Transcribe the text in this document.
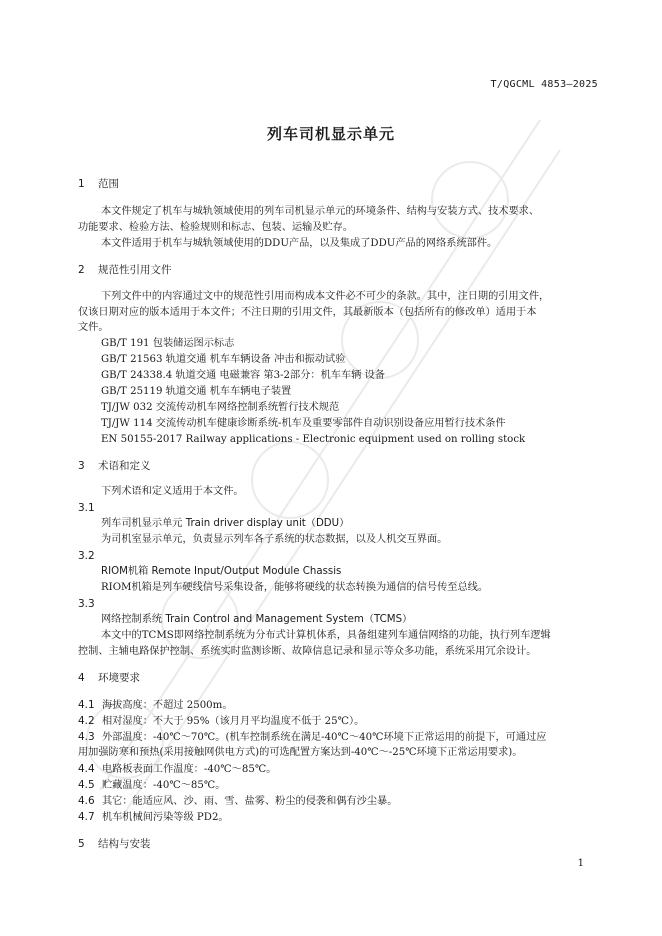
T/QGCML 4853—2025
列车司机显示单元
1 范围
本文件规定了机车与城轨领域使用的列车司机显示单元的环境条件、结构与安装方式、技术要求、
功能要求、检验方法、检验规则和标志、包装、运输及贮存。
本文件适用于机车与城轨领域使用的DDU产品，以及集成了DDU产品的网络系统部件。
2 规范性引用文件
下列文件中的内容通过文中的规范性引用而构成本文件必不可少的条款。其中，注日期的引用文件，
仅该日期对应的版本适用于本文件；不注日期的引用文件，其最新版本（包括所有的修改单）适用于本
文件。
GB/T 191 包装储运图示标志
GB/T 21563 轨道交通 机车车辆设备 冲击和振动试验
GB/T 24338.4 轨道交通 电磁兼容 第3-2部分：机车车辆 设备
GB/T 25119 轨道交通 机车车辆电子装置
TJ/JW 032 交流传动机车网络控制系统暂行技术规范
TJ/JW 114 交流传动机车健康诊断系统-机车及重要零部件自动识别设备应用暂行技术条件
EN 50155-2017 Railway applications - Electronic equipment used on rolling stock
3 术语和定义
下列术语和定义适用于本文件。
3.1
列车司机显示单元 Train driver display unit（DDU）
为司机室显示单元，负责显示列车各子系统的状态数据，以及人机交互界面。
3.2
RIOM机箱 Remote Input/Output Module Chassis
RIOM机箱是列车硬线信号采集设备，能够将硬线的状态转换为通信的信号传至总线。
3.3
网络控制系统 Train Control and Management System（TCMS）
本文中的TCMS即网络控制系统为分布式计算机体系，具备组建列车通信网络的功能，执行列车逻辑
控制、主辅电路保护控制、系统实时监测诊断、故障信息记录和显示等众多功能，系统采用冗余设计。
4 环境要求
4.1 海拔高度：不超过 2500m。
4.2 相对湿度：不大于 95%（该月月平均温度不低于 25℃）。
4.3 外部温度：-40℃～70℃。(机车控制系统在满足-40℃～40℃环境下正常运用的前提下，可通过应
用加强防寒和预热(采用接触网供电方式)的可选配置方案达到-40℃～-25℃环境下正常运用要求)。
4.4 电路板表面工作温度：-40℃～85℃。
4.5 贮藏温度：-40℃～85℃。
4.6 其它：能适应风、沙、雨、雪、盐雾、粉尘的侵袭和偶有沙尘暴。
4.7 机车机械间污染等级 PD2。
5 结构与安装
1
